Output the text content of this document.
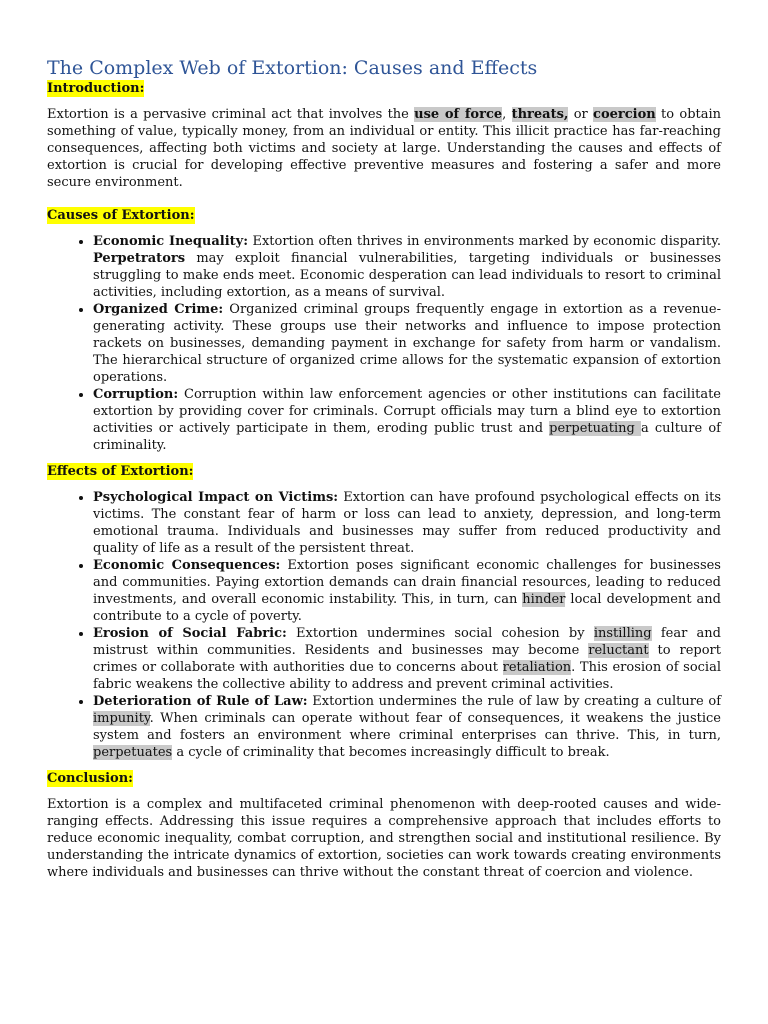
The Complex Web of Extortion: Causes and Effects
Introduction:

Extortion is a pervasive criminal act that involves the use of force, threats, or coercion to obtain something of value, typically money, from an individual or entity. This illicit practice has far-reaching consequences, affecting both victims and society at large. Understanding the causes and effects of extortion is crucial for developing effective preventive measures and fostering a safer and more secure environment.

Causes of Extortion:
• Economic Inequality: Extortion often thrives in environments marked by economic disparity. Perpetrators may exploit financial vulnerabilities, targeting individuals or businesses struggling to make ends meet. Economic desperation can lead individuals to resort to criminal activities, including extortion, as a means of survival.
• Organized Crime: Organized criminal groups frequently engage in extortion as a revenue-generating activity. These groups use their networks and influence to impose protection rackets on businesses, demanding payment in exchange for safety from harm or vandalism. The hierarchical structure of organized crime allows for the systematic expansion of extortion operations.
• Corruption: Corruption within law enforcement agencies or other institutions can facilitate extortion by providing cover for criminals. Corrupt officials may turn a blind eye to extortion activities or actively participate in them, eroding public trust and perpetuating a culture of criminality.
Effects of Extortion:
• Psychological Impact on Victims: Extortion can have profound psychological effects on its victims. The constant fear of harm or loss can lead to anxiety, depression, and long-term emotional trauma. Individuals and businesses may suffer from reduced productivity and quality of life as a result of the persistent threat.
• Economic Consequences: Extortion poses significant economic challenges for businesses and communities. Paying extortion demands can drain financial resources, leading to reduced investments, and overall economic instability. This, in turn, can hinder local development and contribute to a cycle of poverty.
• Erosion of Social Fabric: Extortion undermines social cohesion by instilling fear and mistrust within communities. Residents and businesses may become reluctant to report crimes or collaborate with authorities due to concerns about retaliation. This erosion of social fabric weakens the collective ability to address and prevent criminal activities.
• Deterioration of Rule of Law: Extortion undermines the rule of law by creating a culture of impunity. When criminals can operate without fear of consequences, it weakens the justice system and fosters an environment where criminal enterprises can thrive. This, in turn, perpetuates a cycle of criminality that becomes increasingly difficult to break.
Conclusion:

Extortion is a complex and multifaceted criminal phenomenon with deep-rooted causes and wide-ranging effects. Addressing this issue requires a comprehensive approach that includes efforts to reduce economic inequality, combat corruption, and strengthen social and institutional resilience. By understanding the intricate dynamics of extortion, societies can work towards creating environments where individuals and businesses can thrive without the constant threat of coercion and violence.
